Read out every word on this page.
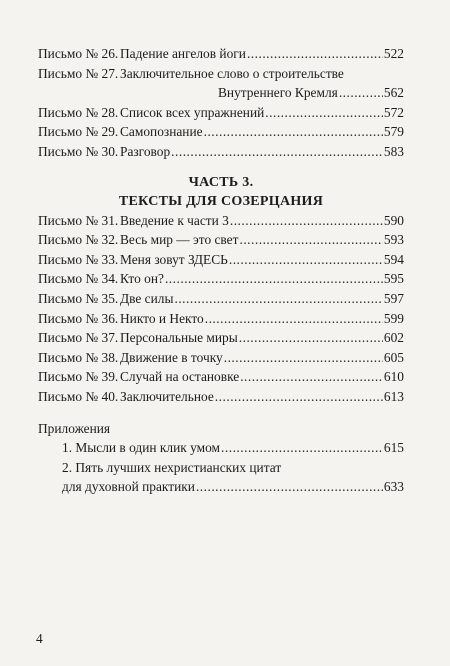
Письмо № 26. Падение ангелов йоги .....	522
Письмо № 27. Заключительное слово о строительстве
Внутреннего Кремля .....	562
Письмо № 28. Список всех упражнений .....	572
Письмо № 29. Самопознание .....	579
Письмо № 30. Разговор .....	583
ЧАСТЬ 3.
ТЕКСТЫ ДЛЯ СОЗЕРЦАНИЯ
Письмо № 31. Введение к части 3 .....	590
Письмо № 32. Весь мир — это свет .....	593
Письмо № 33. Меня зовут ЗДЕСЬ .....	594
Письмо № 34. Кто он? .....	595
Письмо № 35. Две силы .....	597
Письмо № 36. Никто и Некто .....	599
Письмо № 37. Персональные миры .....	602
Письмо № 38. Движение в точку .....	605
Письмо № 39. Случай на остановке .....	610
Письмо № 40. Заключительное .....	613
Приложения
1. Мысли в один клик умом .....	615
2. Пять лучших нехристианских цитат
для духовной практики .....	633
4
